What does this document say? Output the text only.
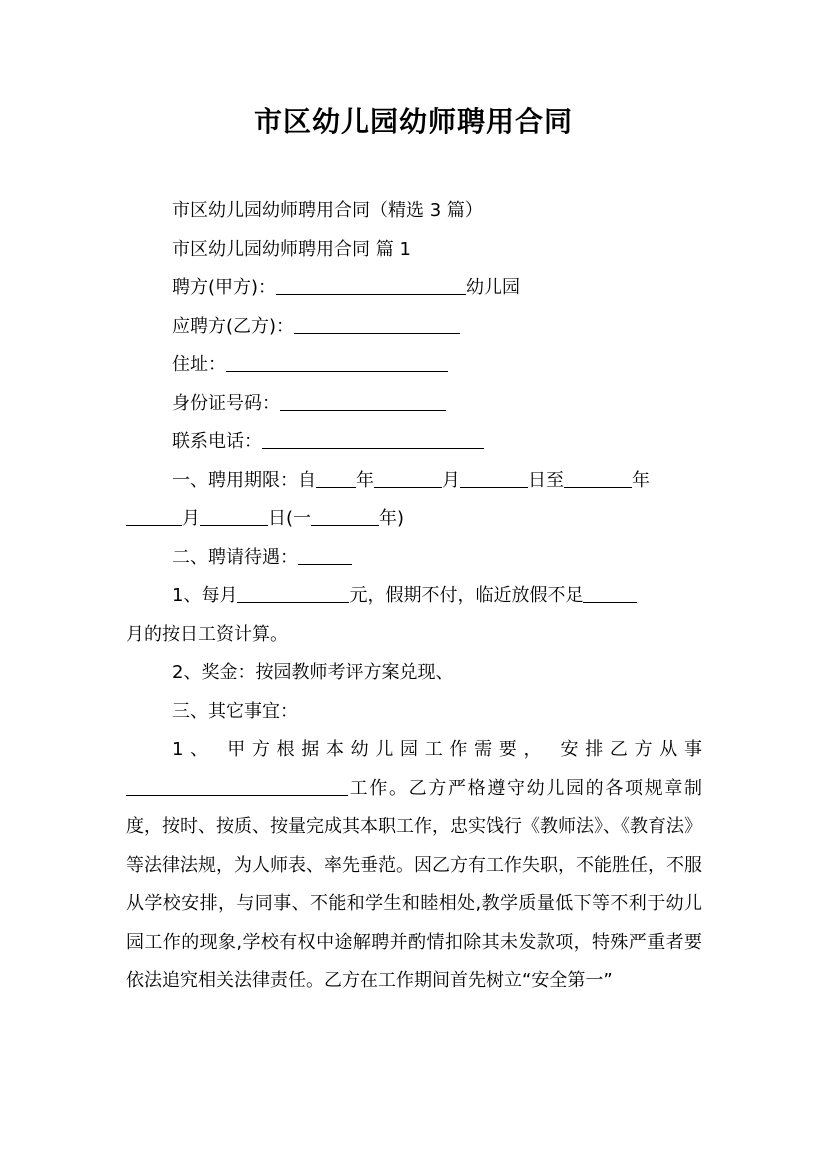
市区幼儿园幼师聘用合同

市区幼儿园幼师聘用合同（精选 3 篇）

市区幼儿园幼师聘用合同 篇 1

聘方(甲方)：	幼儿园

应聘方(乙方)：

住址：

身份证号码：

联系电话：

一、聘用期限：自 年	月	日至	年

月	日(一	年)

二、聘请待遇：

1、每月	元，假期不付，临近放假不足

月的按日工资计算。

2、奖金：按园教师考评方案兑现、

三、其它事宜：

1、 甲方根据本幼儿园工作需要， 安排乙方从事

工作。乙方严格遵守幼儿园的各项规章制度，按时、按质、按量完成其本职工作，忠实饯行《教师法》、《教育法》等法律法规，为人师表、率先垂范。因乙方有工作失职，不能胜任，不服从学校安排，与同事、不能和学生和睦相处,教学质量低下等不利于幼儿园工作的现象,学校有权中途解聘并酌情扣除其未发款项，特殊严重者要依法追究相关法律责任。乙方在工作期间首先树立“安全第一”
